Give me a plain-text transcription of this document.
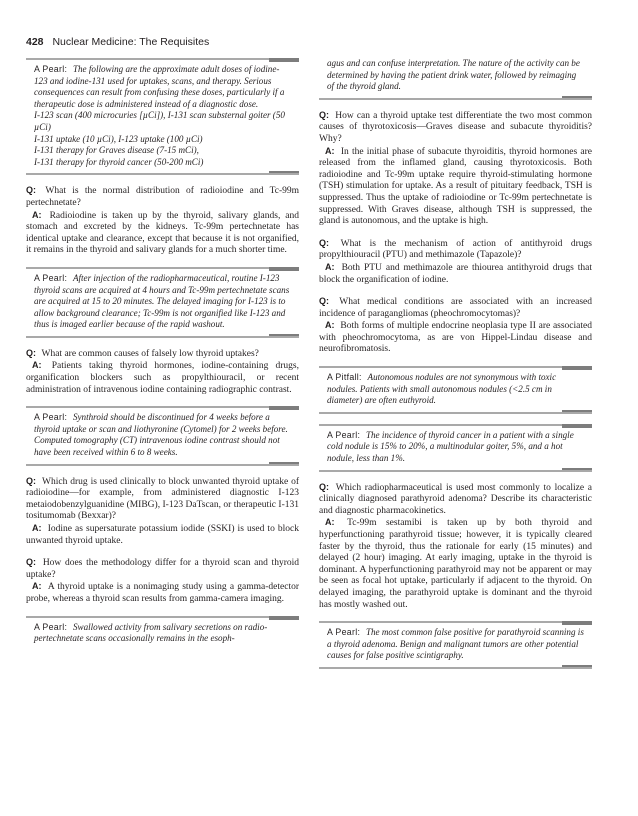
428 Nuclear Medicine: The Requisites
A Pearl: The following are the approximate adult doses of iodine-123 and iodine-131 used for uptakes, scans, and therapy. Serious consequences can result from confusing these doses, particularly if a therapeutic dose is administered instead of a diagnostic dose.
I-123 scan (400 microcuries [µCi]), I-131 scan substernal goiter (50 µCi)
I-131 uptake (10 µCi), I-123 uptake (100 µCi)
I-131 therapy for Graves disease (7-15 mCi),
I-131 therapy for thyroid cancer (50-200 mCi)
Q: What is the normal distribution of radioiodine and Tc-99m pertechnetate?
A: Radioiodine is taken up by the thyroid, salivary glands, and stomach and excreted by the kidneys. Tc-99m pertechnetate has identical uptake and clearance, except that because it is not organified, it remains in the thyroid and salivary glands for a much shorter time.
A Pearl: After injection of the radiopharmaceutical, routine I-123 thyroid scans are acquired at 4 hours and Tc-99m pertechnetate scans are acquired at 15 to 20 minutes. The delayed imaging for I-123 is to allow background clearance; Tc-99m is not organified like I-123 and thus is imaged earlier because of the rapid washout.
Q: What are common causes of falsely low thyroid uptakes?
A: Patients taking thyroid hormones, iodine-containing drugs, organification blockers such as propylthiouracil, or recent administration of intravenous iodine containing radiographic contrast.
A Pearl: Synthroid should be discontinued for 4 weeks before a thyroid uptake or scan and liothyronine (Cytomel) for 2 weeks before. Computed tomography (CT) intravenous iodine contrast should not have been received within 6 to 8 weeks.
Q: Which drug is used clinically to block unwanted thyroid uptake of radioiodine—for example, from administered diagnostic I-123 metaiodobenzylguanidine (MIBG), I-123 DaTscan, or therapeutic I-131 tositumomab (Bexxar)?
A: Iodine as supersaturate potassium iodide (SSKI) is used to block unwanted thyroid uptake.
Q: How does the methodology differ for a thyroid scan and thyroid uptake?
A: A thyroid uptake is a nonimaging study using a gamma-detector probe, whereas a thyroid scan results from gamma-camera imaging.
A Pearl: Swallowed activity from salivary secretions on radio-pertechnetate scans occasionally remains in the esoph-
agus and can confuse interpretation. The nature of the activity can be determined by having the patient drink water, followed by reimaging of the thyroid gland.
Q: How can a thyroid uptake test differentiate the two most common causes of thyrotoxicosis—Graves disease and subacute thyroiditis? Why?
A: In the initial phase of subacute thyroiditis, thyroid hormones are released from the inflamed gland, causing thyrotoxicosis. Both radioiodine and Tc-99m uptake require thyroid-stimulating hormone (TSH) stimulation for uptake. As a result of pituitary feedback, TSH is suppressed. Thus the uptake of radioiodine or Tc-99m pertechnetate is suppressed. With Graves disease, although TSH is suppressed, the gland is autonomous, and the uptake is high.
Q: What is the mechanism of action of antithyroid drugs propylthiouracil (PTU) and methimazole (Tapazole)?
A: Both PTU and methimazole are thiourea antithyroid drugs that block the organification of iodine.
Q: What medical conditions are associated with an increased incidence of paragangliomas (pheochromocytomas)?
A: Both forms of multiple endocrine neoplasia type II are associated with pheochromocytoma, as are von Hippel-Lindau disease and neurofibromatosis.
A Pitfall: Autonomous nodules are not synonymous with toxic nodules. Patients with small autonomous nodules (<2.5 cm in diameter) are often euthyroid.
A Pearl: The incidence of thyroid cancer in a patient with a single cold nodule is 15% to 20%, a multinodular goiter, 5%, and a hot nodule, less than 1%.
Q: Which radiopharmaceutical is used most commonly to localize a clinically diagnosed parathyroid adenoma? Describe its characteristic and diagnostic pharmacokinetics.
A: Tc-99m sestamibi is taken up by both thyroid and hyperfunctioning parathyroid tissue; however, it is typically cleared faster by the thyroid, thus the rationale for early (15 minutes) and delayed (2 hour) imaging. At early imaging, uptake in the thyroid is dominant. A hyperfunctioning parathyroid may not be apparent or may be seen as focal hot uptake, particularly if adjacent to the thyroid. On delayed imaging, the parathyroid uptake is dominant and the thyroid has mostly washed out.
A Pearl: The most common false positive for parathyroid scanning is a thyroid adenoma. Benign and malignant tumors are other potential causes for false positive scintigraphy.
